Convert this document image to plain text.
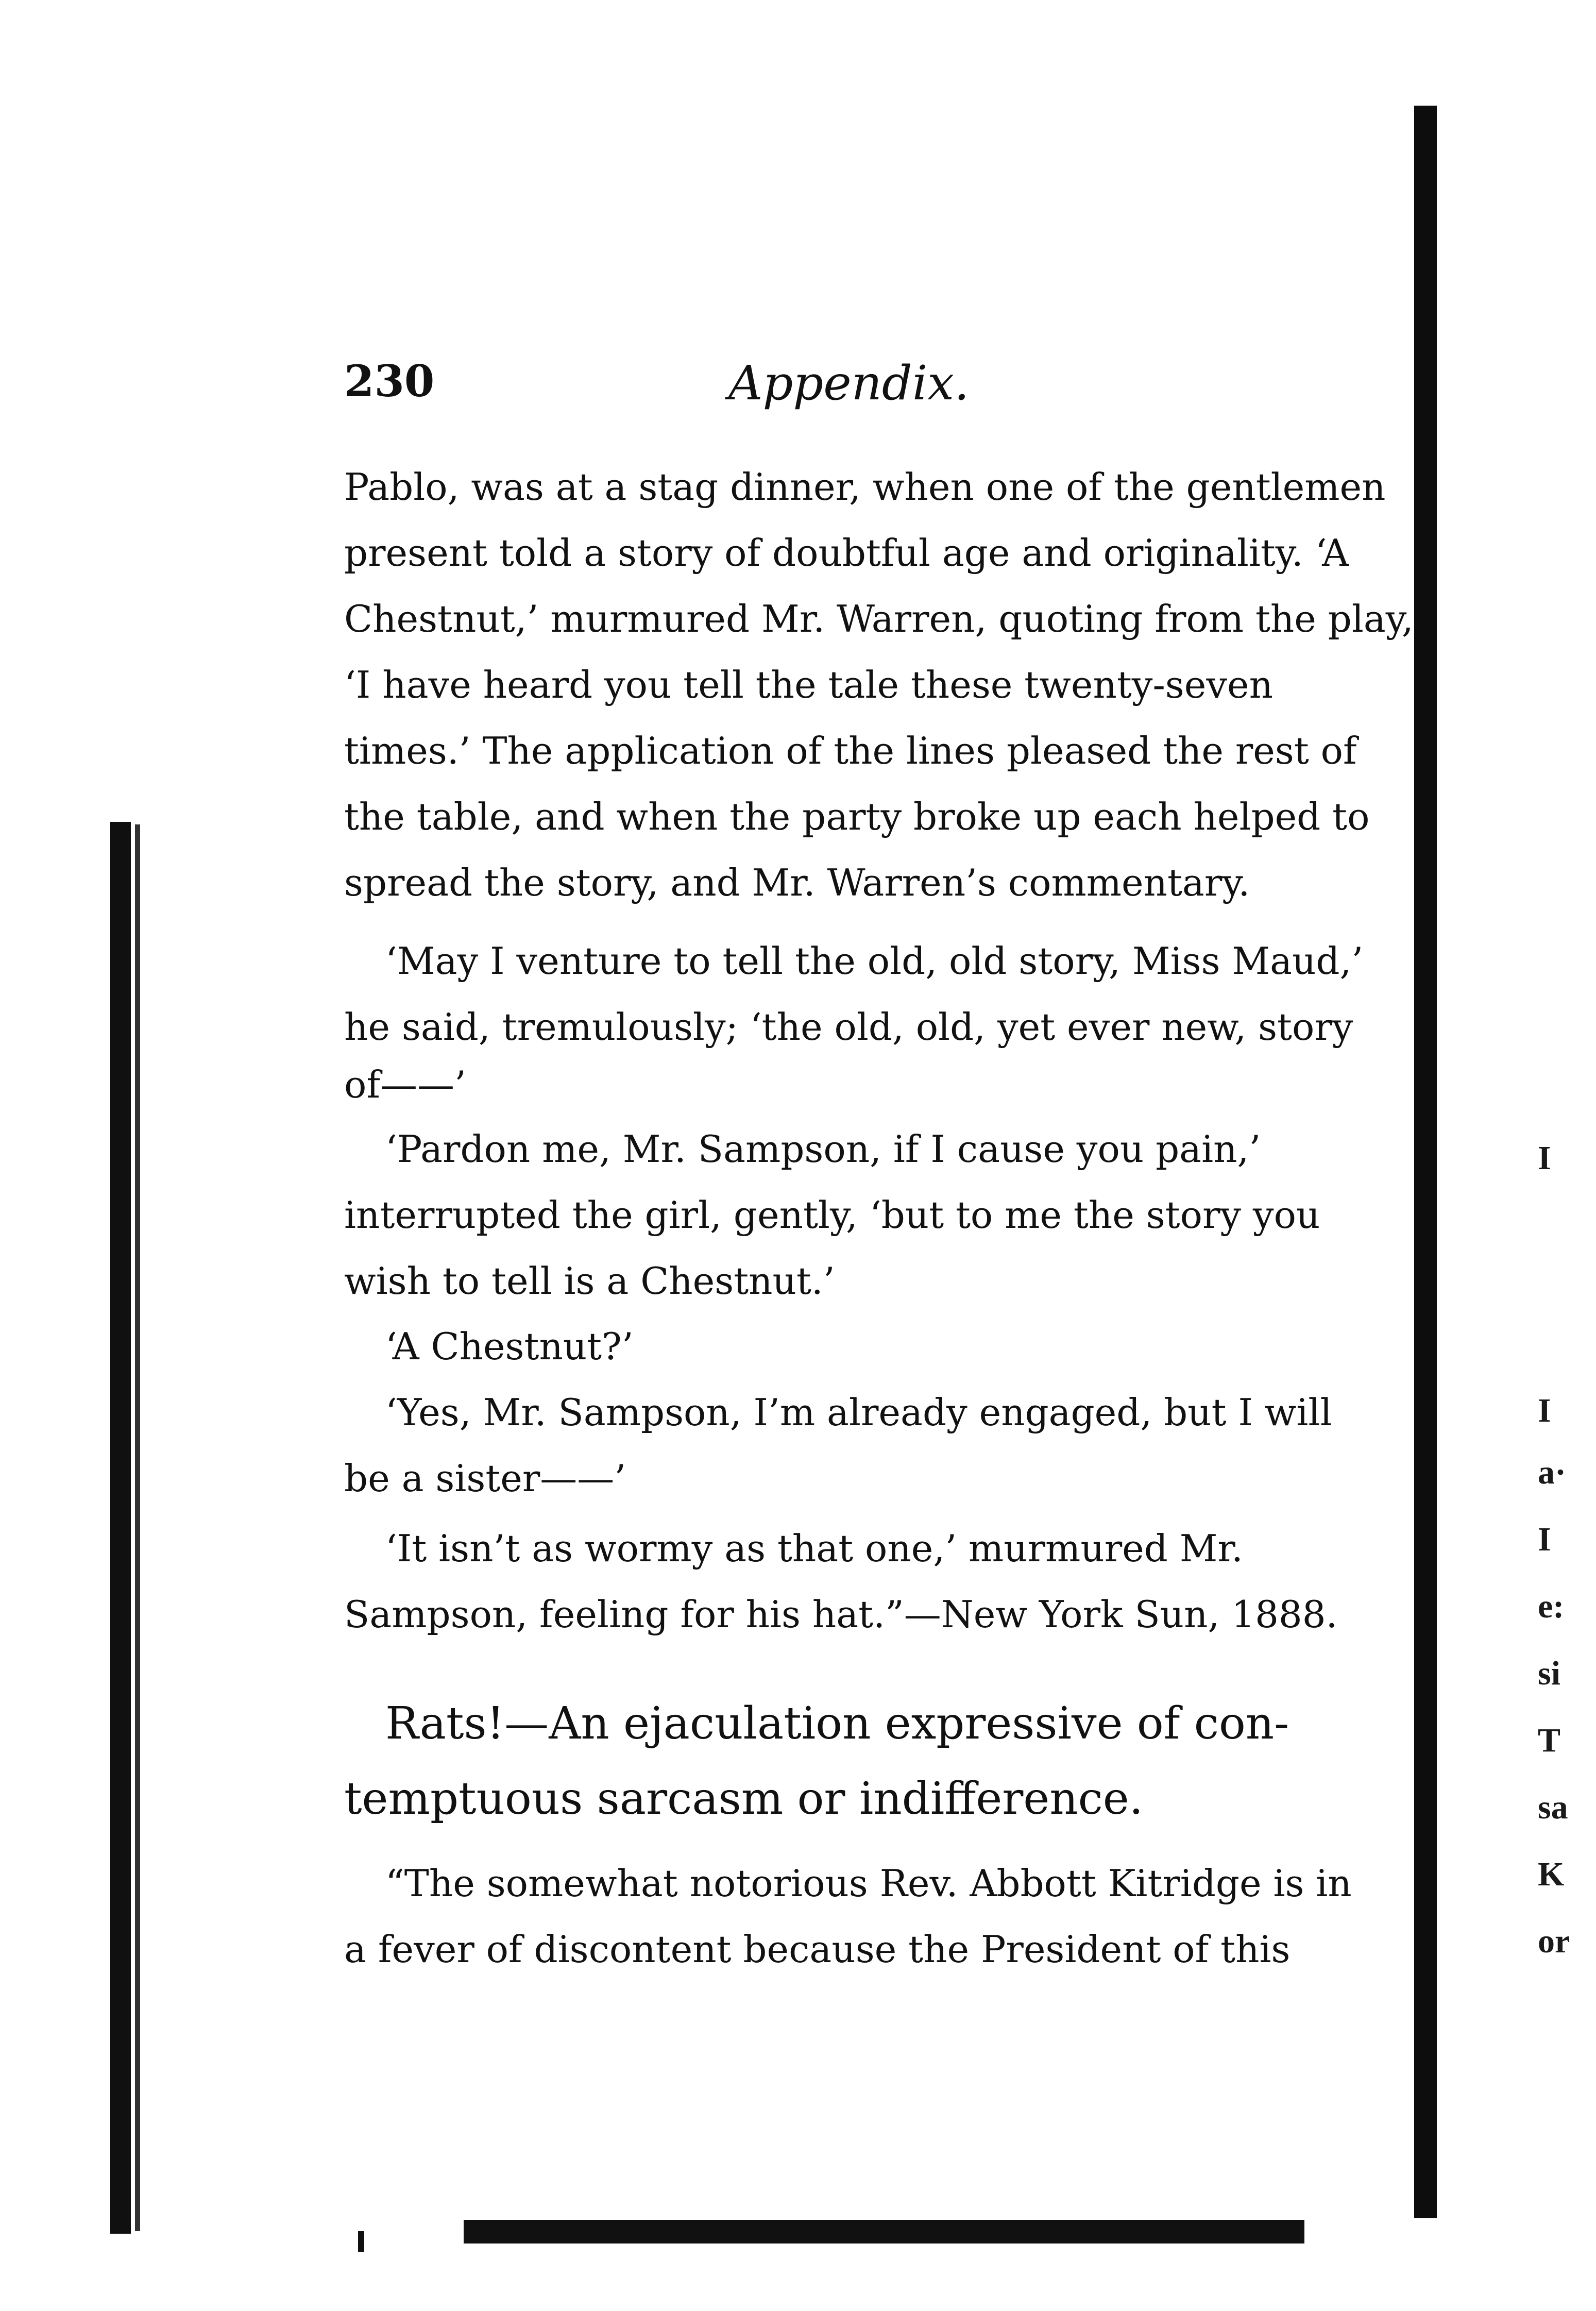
230	Appendix.
Pablo, was at a stag dinner, when one of the gentlemen
present told a story of doubtful age and originality. ‘A
Chestnut,’ murmured Mr. Warren, quoting from the play,
‘I have heard you tell the tale these twenty-seven
times.’ The application of the lines pleased the rest of
the table, and when the party broke up each helped to
spread the story, and Mr. Warren’s commentary.
‘May I venture to tell the old, old story, Miss Maud,’
he said, tremulously; ‘the old, old, yet ever new, story
of——’
‘Pardon me, Mr. Sampson, if I cause you pain,’
interrupted the girl, gently, ‘but to me the story you
wish to tell is a Chestnut.’
‘A Chestnut?’
‘Yes, Mr. Sampson, I’m already engaged, but I will
be a sister——’
‘It isn’t as wormy as that one,’ murmured Mr.
Sampson, feeling for his hat.”—New York Sun, 1888.
Rats!—An ejaculation expressive of con-
temptuous sarcasm or indifference.
“The somewhat notorious Rev. Abbott Kitridge is in
a fever of discontent because the President of this
I
I
a·
I
e:
si
T
sa
K
or
